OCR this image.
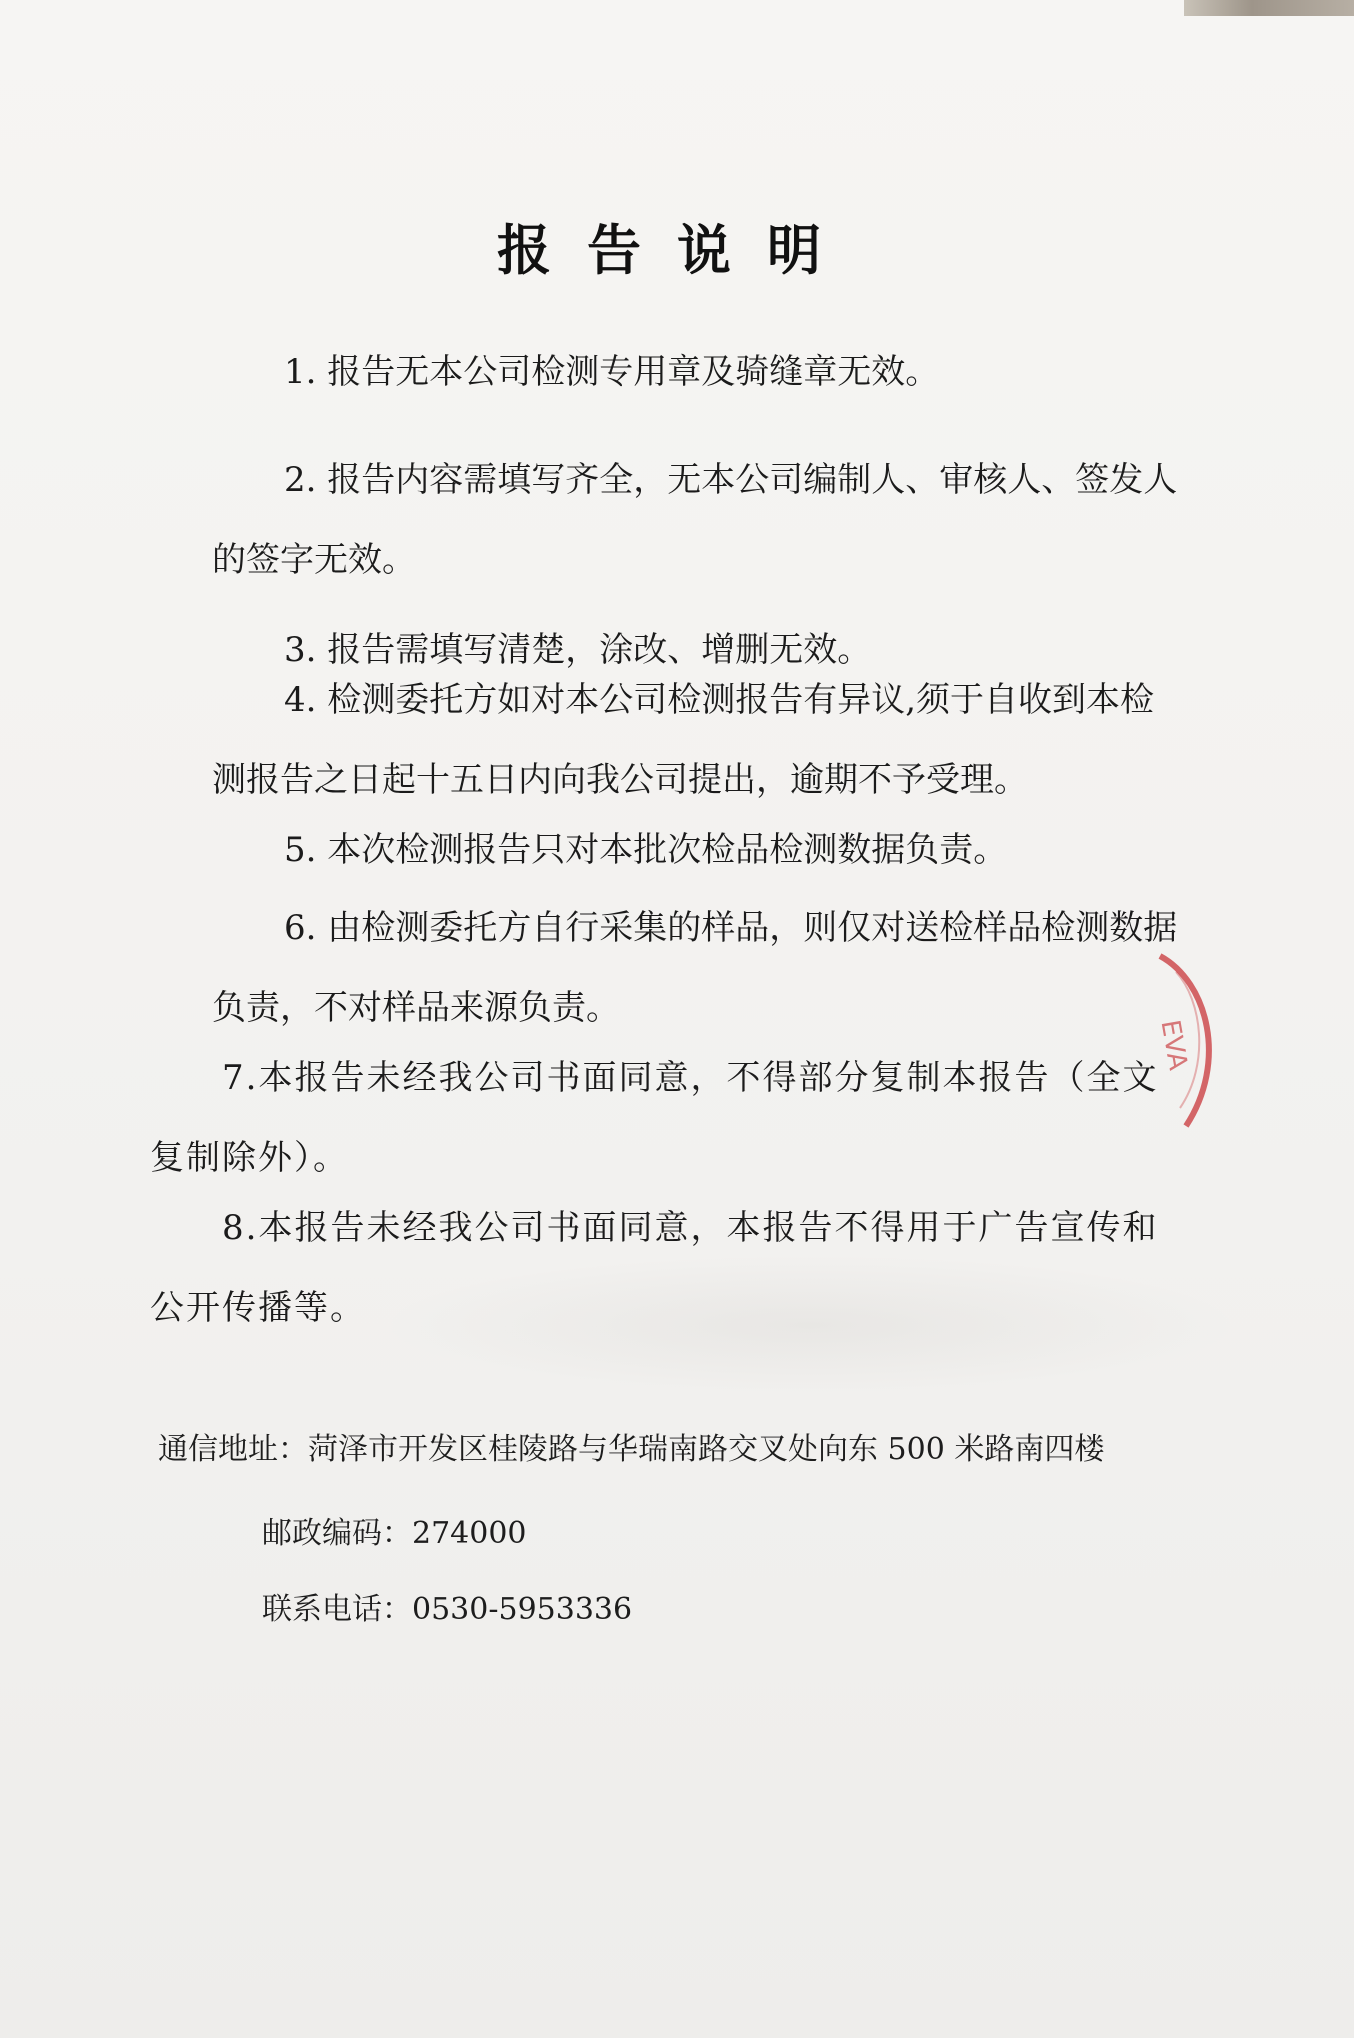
报告说明

1. 报告无本公司检测专用章及骑缝章无效。

2. 报告内容需填写齐全，无本公司编制人、审核人、签发人的签字无效。

3. 报告需填写清楚，涂改、增删无效。

4. 检测委托方如对本公司检测报告有异议,须于自收到本检测报告之日起十五日内向我公司提出，逾期不予受理。

5. 本次检测报告只对本批次检品检测数据负责。

6. 由检测委托方自行采集的样品，则仅对送检样品检测数据负责，不对样品来源负责。

7.本报告未经我公司书面同意，不得部分复制本报告（全文复制除外）。

8.本报告未经我公司书面同意，本报告不得用于广告宣传和公开传播等。

通信地址：菏泽市开发区桂陵路与华瑞南路交叉处向东 500 米路南四楼
邮政编码：274000
联系电话：0530-5953336
EVA
